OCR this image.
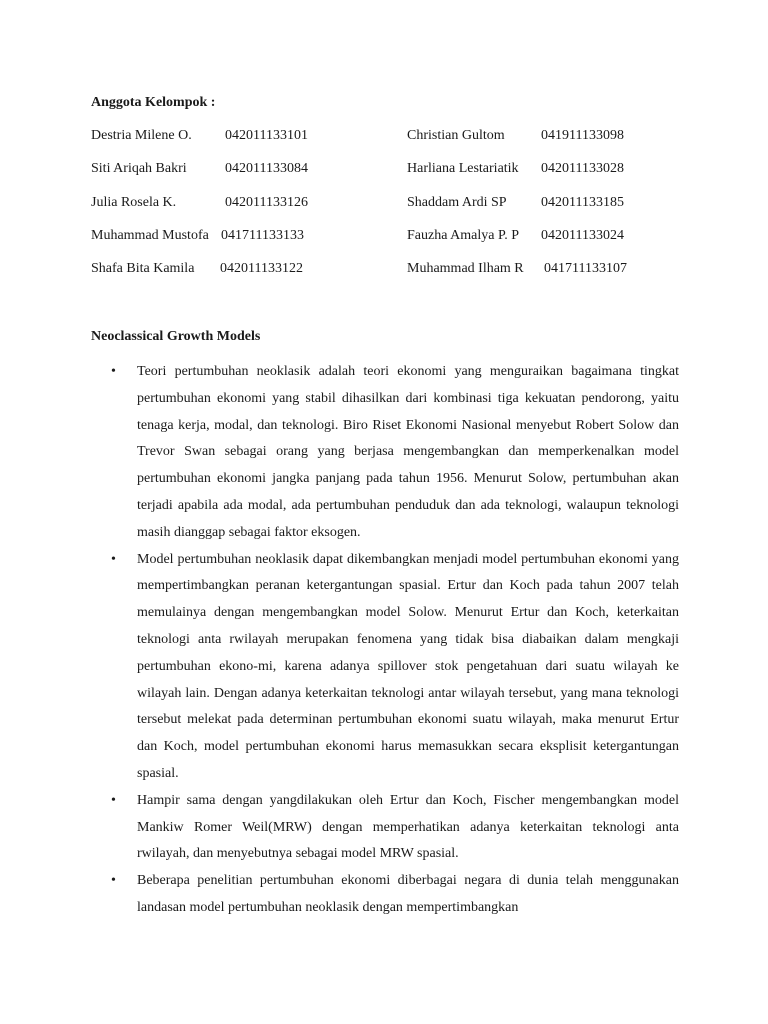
Anggota Kelompok :
Destria Milene O. 042011133101	Christian Gultom	041911133098
Siti Ariqah Bakri	042011133084	Harliana Lestariatik 042011133028
Julia Rosela K.	042011133126	Shaddam Ardi SP 042011133185
Muhammad Mustofa 041711133133	Fauzha Amalya P. P 042011133024
Shafa Bita Kamila 042011133122	Muhammad Ilham R 041711133107
Neoclassical Growth Models
• Teori pertumbuhan neoklasik adalah teori ekonomi yang menguraikan bagaimana tingkat pertumbuhan ekonomi yang stabil dihasilkan dari kombinasi tiga kekuatan pendorong, yaitu tenaga kerja, modal, dan teknologi. Biro Riset Ekonomi Nasional menyebut Robert Solow dan Trevor Swan sebagai orang yang berjasa mengembangkan dan memperkenalkan model pertumbuhan ekonomi jangka panjang pada tahun 1956. Menurut Solow, pertumbuhan akan terjadi apabila ada modal, ada pertumbuhan penduduk dan ada teknologi, walaupun teknologi masih dianggap sebagai faktor eksogen.
• Model pertumbuhan neoklasik dapat dikembangkan menjadi model pertumbuhan ekonomi yang mempertimbangkan peranan ketergantungan spasial. Ertur dan Koch pada tahun 2007 telah memulainya dengan mengembangkan model Solow. Menurut Ertur dan Koch, keterkaitan teknologi anta rwilayah merupakan fenomena yang tidak bisa diabaikan dalam mengkaji pertumbuhan ekono-mi, karena adanya spillover stok pengetahuan dari suatu wilayah ke wilayah lain. Dengan adanya keterkaitan teknologi antar wilayah tersebut, yang mana teknologi tersebut melekat pada determinan pertumbuhan ekonomi suatu wilayah, maka menurut Ertur dan Koch, model pertumbuhan ekonomi harus memasukkan secara eksplisit ketergantungan spasial.
• Hampir sama dengan yangdilakukan oleh Ertur dan Koch, Fischer mengembangkan model Mankiw Romer Weil(MRW) dengan memperhatikan adanya keterkaitan teknologi anta rwilayah, dan menyebutnya sebagai model MRW spasial.
• Beberapa penelitian pertumbuhan ekonomi diberbagai negara di dunia telah menggunakan landasan model pertumbuhan neoklasik dengan mempertimbangkan
